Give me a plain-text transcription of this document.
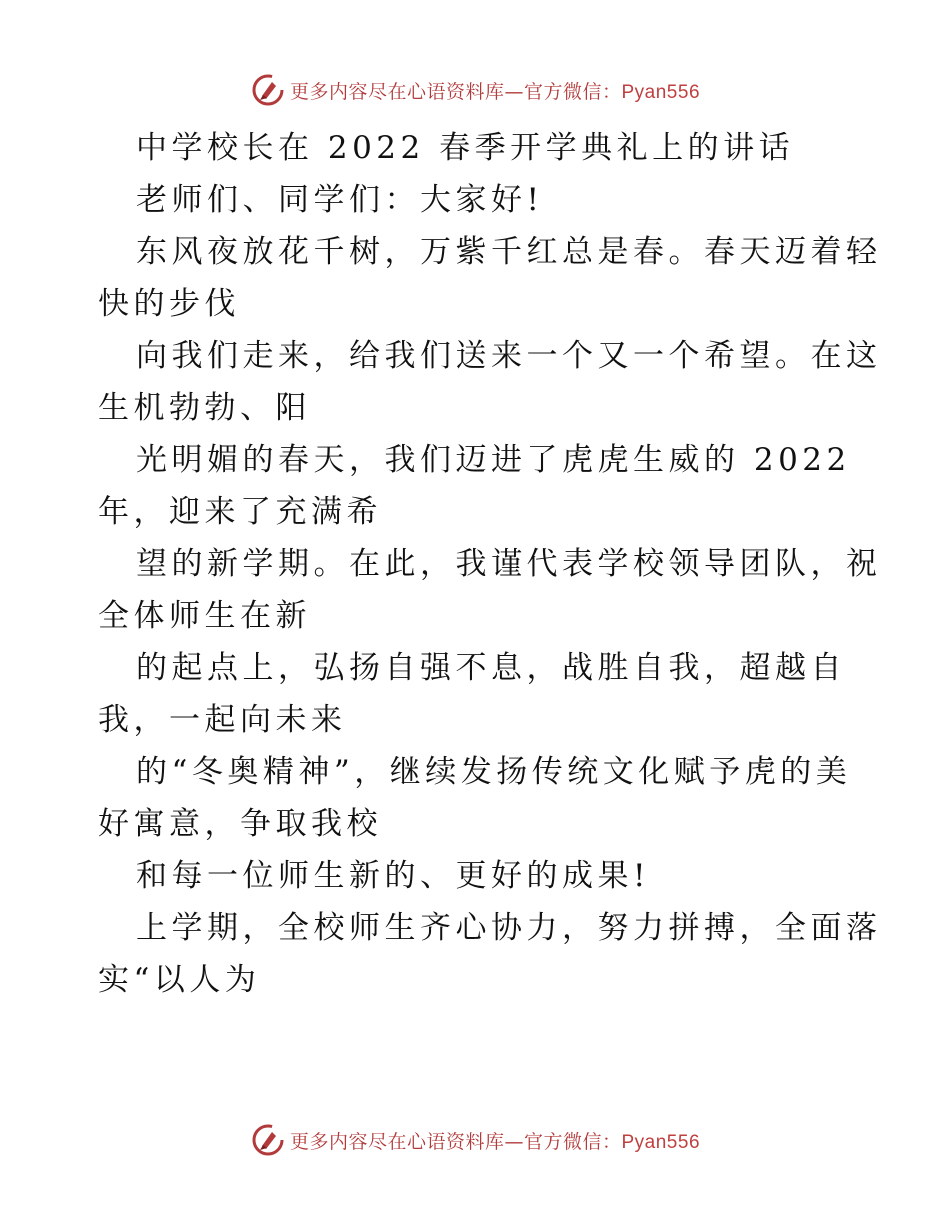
更多内容尽在心语资料库—官方微信：Pyan556
中学校长在 2022 春季开学典礼上的讲话
老师们、同学们：大家好!
东风夜放花千树，万紫千红总是春。春天迈着轻
快的步伐
向我们走来，给我们送来一个又一个希望。在这
生机勃勃、阳
光明媚的春天，我们迈进了虎虎生威的 2022
年，迎来了充满希
望的新学期。在此，我谨代表学校领导团队，祝
全体师生在新
的起点上，弘扬自强不息，战胜自我，超越自
我，一起向未来
的“冬奥精神”，继续发扬传统文化赋予虎的美
好寓意，争取我校
和每一位师生新的、更好的成果!
上学期，全校师生齐心协力，努力拼搏，全面落
实“以人为
更多内容尽在心语资料库—官方微信：Pyan556
